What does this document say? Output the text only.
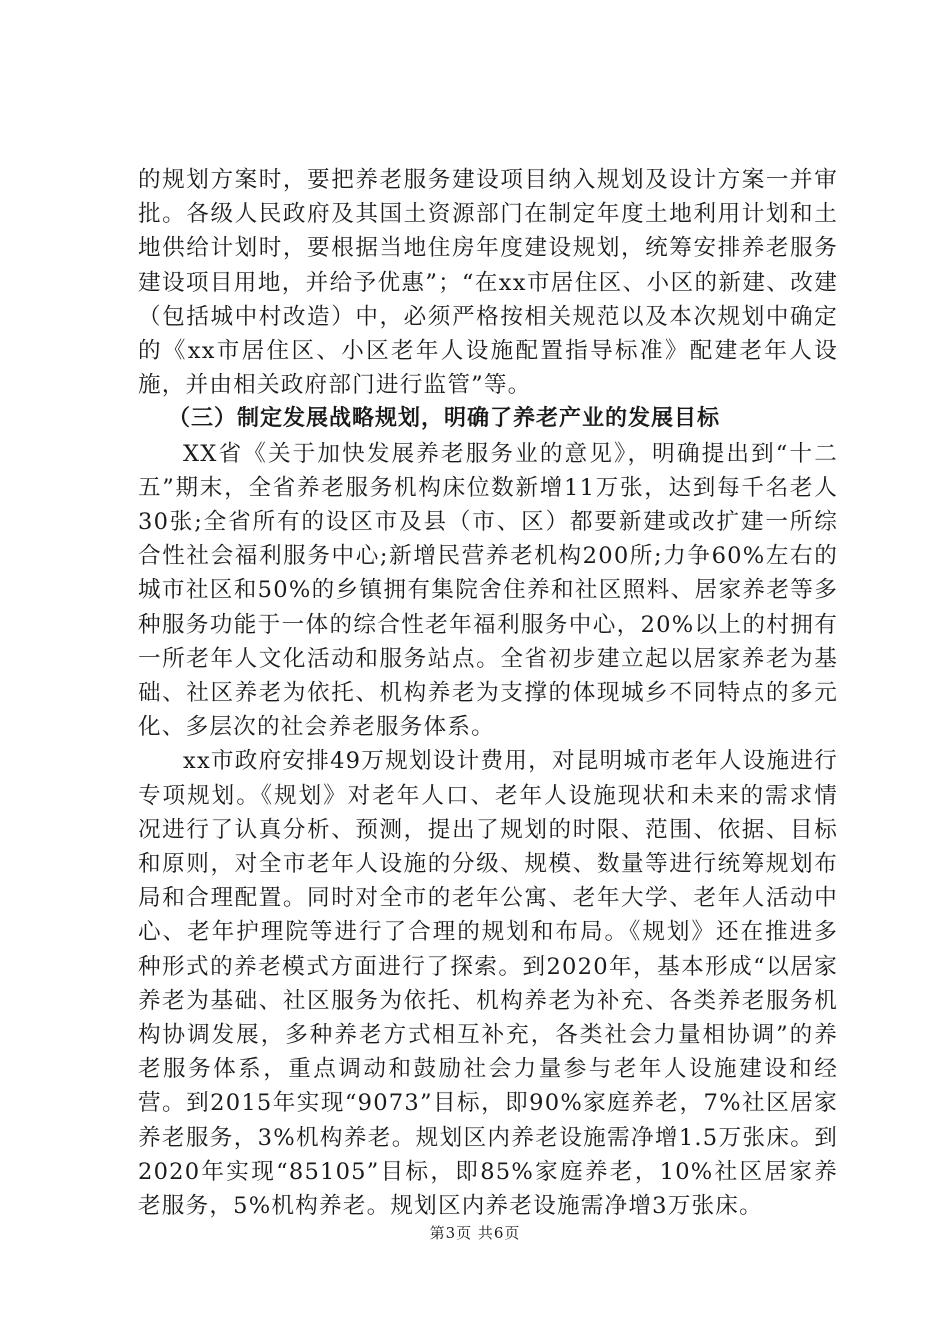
的规划方案时，要把养老服务建设项目纳入规划及设计方案一并审批。各级人民政府及其国土资源部门在制定年度土地利用计划和土地供给计划时，要根据当地住房年度建设规划，统筹安排养老服务建设项目用地，并给予优惠”；“在xx市居住区、小区的新建、改建（包括城中村改造）中，必须严格按相关规范以及本次规划中确定的《xx市居住区、小区老年人设施配置指导标准》配建老年人设施，并由相关政府部门进行监管”等。

（三）制定发展战略规划，明确了养老产业的发展目标

XX省《关于加快发展养老服务业的意见》，明确提出到“十二五”期末，全省养老服务机构床位数新增11万张，达到每千名老人30张;全省所有的设区市及县（市、区）都要新建或改扩建一所综合性社会福利服务中心;新增民营养老机构200所;力争60%左右的城市社区和50%的乡镇拥有集院舍住养和社区照料、居家养老等多种服务功能于一体的综合性老年福利服务中心，20%以上的村拥有一所老年人文化活动和服务站点。全省初步建立起以居家养老为基础、社区养老为依托、机构养老为支撑的体现城乡不同特点的多元化、多层次的社会养老服务体系。

xx市政府安排49万规划设计费用，对昆明城市老年人设施进行专项规划。《规划》对老年人口、老年人设施现状和未来的需求情况进行了认真分析、预测，提出了规划的时限、范围、依据、目标和原则，对全市老年人设施的分级、规模、数量等进行统筹规划布局和合理配置。同时对全市的老年公寓、老年大学、老年人活动中心、老年护理院等进行了合理的规划和布局。《规划》还在推进多种形式的养老模式方面进行了探索。到2020年，基本形成“以居家养老为基础、社区服务为依托、机构养老为补充、各类养老服务机构协调发展，多种养老方式相互补充，各类社会力量相协调”的养老服务体系，重点调动和鼓励社会力量参与老年人设施建设和经营。到2015年实现“9073”目标，即90%家庭养老，7%社区居家养老服务，3%机构养老。规划区内养老设施需净增1.5万张床。到2020年实现“85105”目标，即85%家庭养老，10%社区居家养老服务，5%机构养老。规划区内养老设施需净增3万张床。

第3页 共6页
